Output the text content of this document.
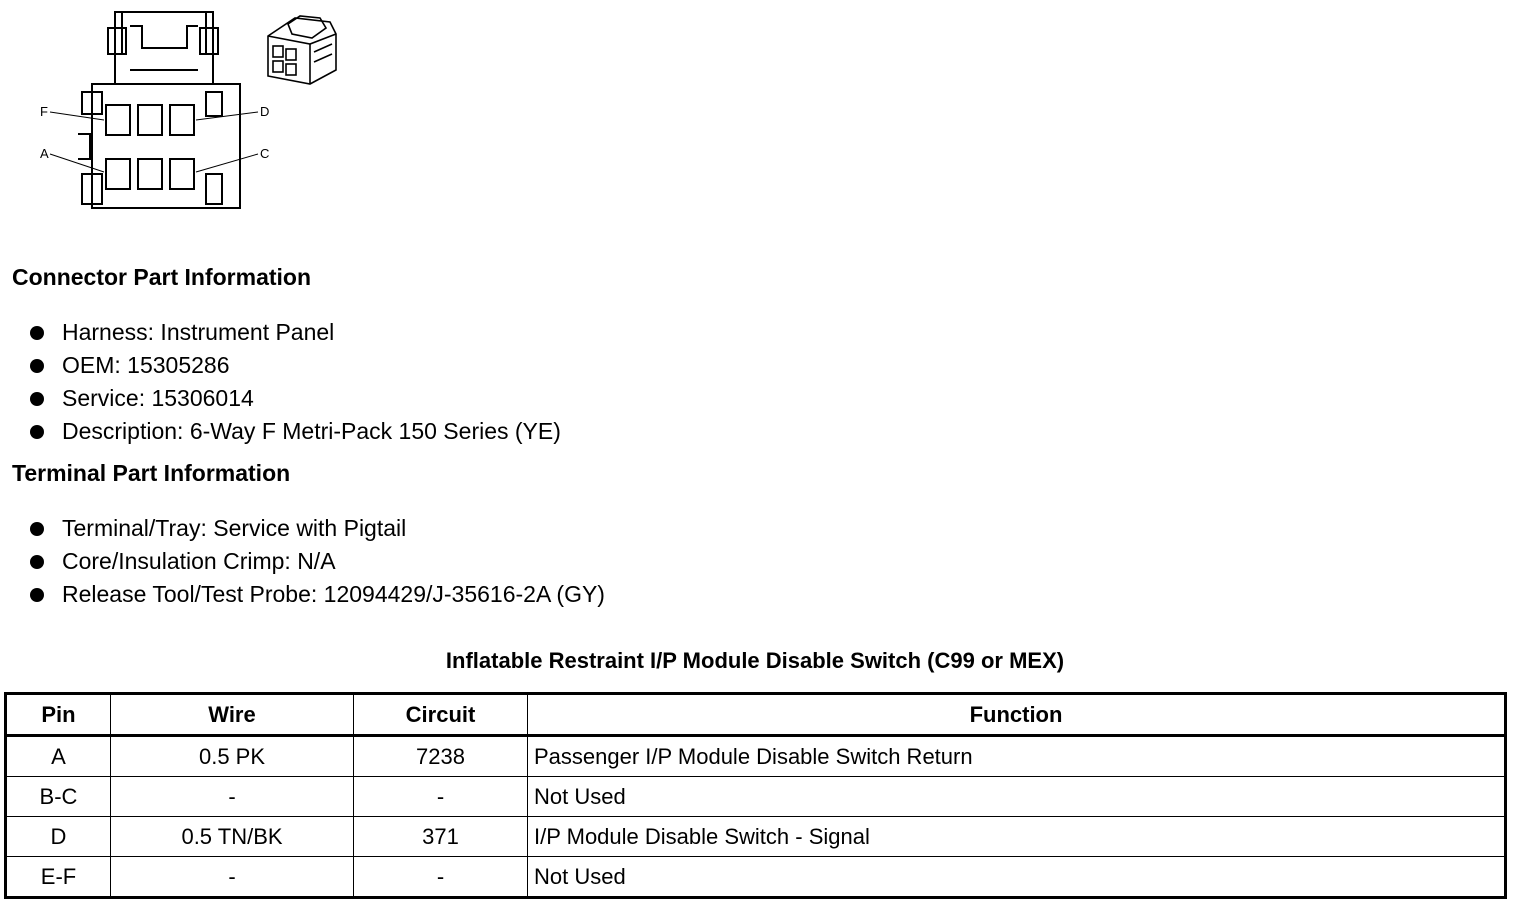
F	D
A	C
Connector Part Information
Harness: Instrument Panel
OEM: 15305286
Service: 15306014
Description: 6-Way F Metri-Pack 150 Series (YE)
Terminal Part Information
Terminal/Tray: Service with Pigtail
Core/Insulation Crimp: N/A
Release Tool/Test Probe: 12094429/J-35616-2A (GY)
Inflatable Restraint I/P Module Disable Switch (C99 or MEX)
Pin	Wire	Circuit	Function
A	0.5 PK	7238	Passenger I/P Module Disable Switch Return
B-C	-	-	Not Used
D	0.5 TN/BK	371	I/P Module Disable Switch - Signal
E-F	-	-	Not Used
